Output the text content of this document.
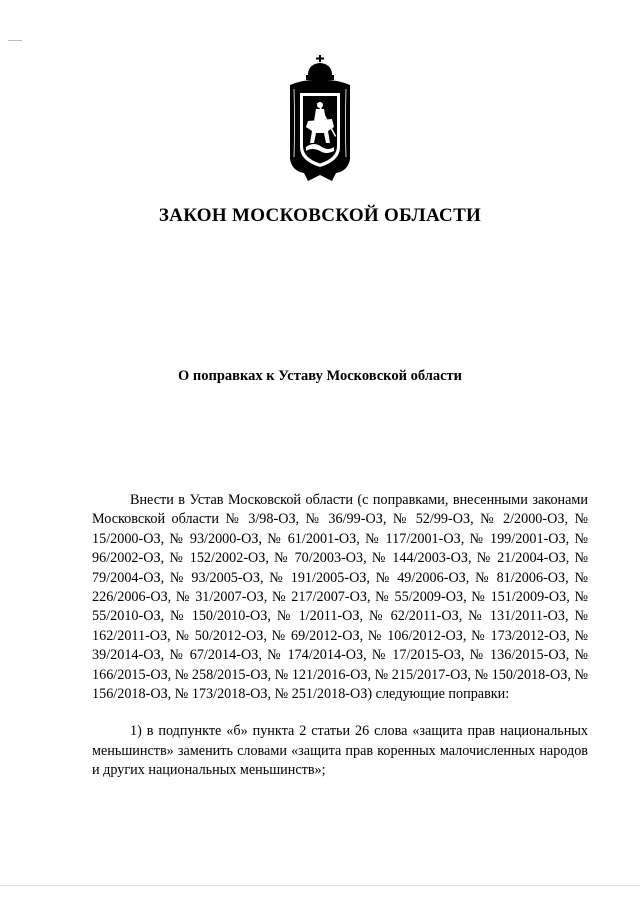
ЗАКОН МОСКОВСКОЙ ОБЛАСТИ
О поправках к Уставу Московской области

Внести в Устав Московской области (с поправками, внесенными законами Московской области № 3/98-ОЗ, № 36/99-ОЗ, № 52/99-ОЗ, № 2/2000-ОЗ, № 15/2000-ОЗ, № 93/2000-ОЗ, № 61/2001-ОЗ, № 117/2001-ОЗ, № 199/2001-ОЗ, № 96/2002-ОЗ, № 152/2002-ОЗ, № 70/2003-ОЗ, № 144/2003-ОЗ, № 21/2004-ОЗ, № 79/2004-ОЗ, № 93/2005-ОЗ, № 191/2005-ОЗ, № 49/2006-ОЗ, № 81/2006-ОЗ, № 226/2006-ОЗ, № 31/2007-ОЗ, № 217/2007-ОЗ, № 55/2009-ОЗ, № 151/2009-ОЗ, № 55/2010-ОЗ, № 150/2010-ОЗ, № 1/2011-ОЗ, № 62/2011-ОЗ, № 131/2011-ОЗ, № 162/2011-ОЗ, № 50/2012-ОЗ, № 69/2012-ОЗ, № 106/2012-ОЗ, № 173/2012-ОЗ, № 39/2014-ОЗ, № 67/2014-ОЗ, № 174/2014-ОЗ, № 17/2015-ОЗ, № 136/2015-ОЗ, № 166/2015-ОЗ, № 258/2015-ОЗ, № 121/2016-ОЗ, № 215/2017-ОЗ, № 150/2018-ОЗ, № 156/2018-ОЗ, № 173/2018-ОЗ, № 251/2018-ОЗ) следующие поправки:

1) в подпункте «б» пункта 2 статьи 26 слова «защита прав национальных меньшинств» заменить словами «защита прав коренных малочисленных народов и других национальных меньшинств»;
